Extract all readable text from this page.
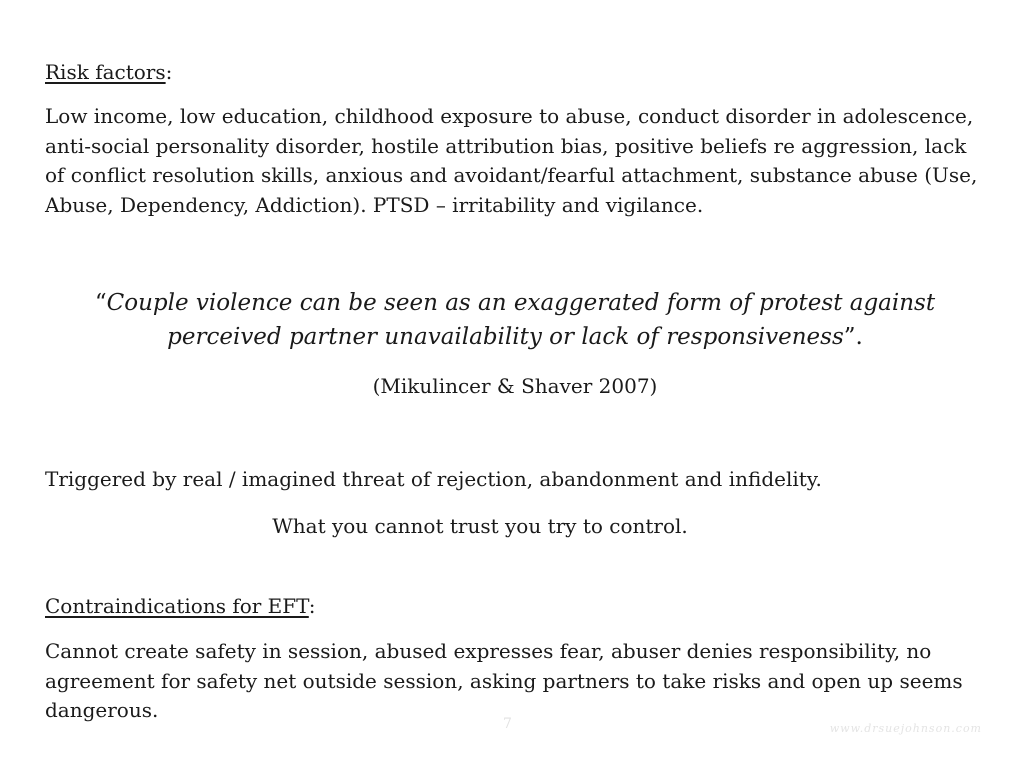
Risk factors:
Low income, low education, childhood exposure to abuse, conduct disorder in adolescence, anti-social personality disorder, hostile attribution bias, positive beliefs re aggression, lack of conflict resolution skills, anxious and avoidant/fearful attachment, substance abuse (Use, Abuse, Dependency, Addiction). PTSD – irritability and vigilance.
“Couple violence can be seen as an exaggerated form of protest against perceived partner unavailability or lack of responsiveness”.
(Mikulincer & Shaver 2007)
Triggered by real / imagined threat of rejection, abandonment and infidelity.
What you cannot trust you try to control.
Contraindications for EFT:
Cannot create safety in session, abused expresses fear, abuser denies responsibility, no agreement for safety net outside session, asking partners to take risks and open up seems dangerous.
7	www.drsuejohnson.com
